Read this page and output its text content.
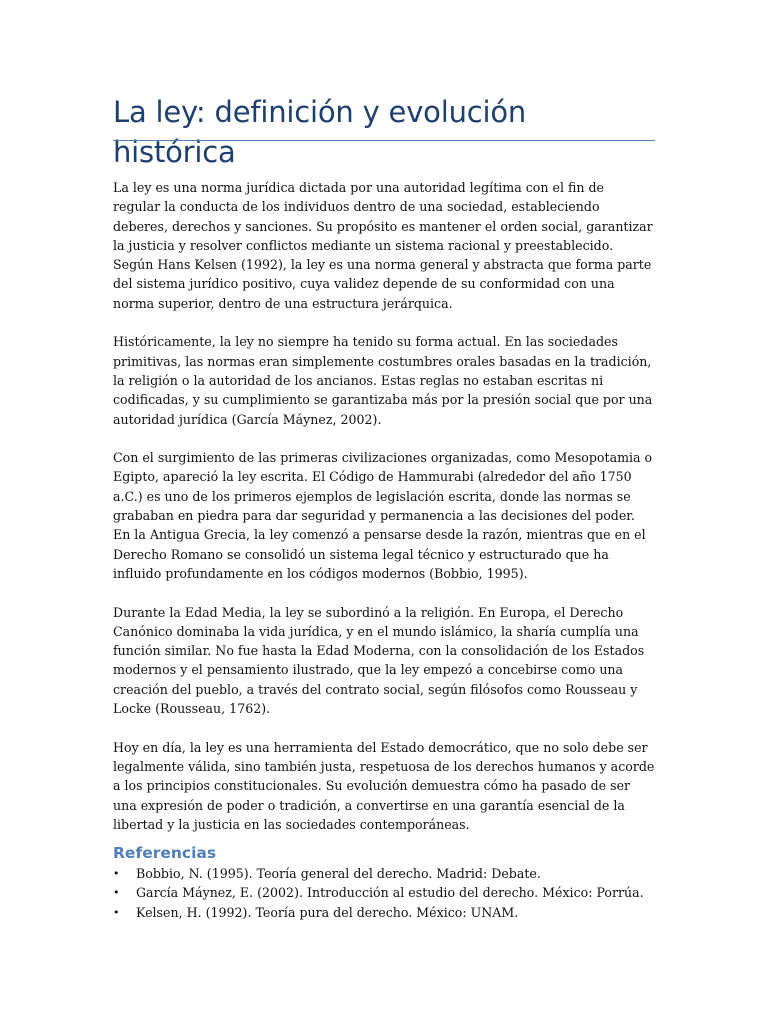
La ley: definición y evolución histórica

La ley es una norma jurídica dictada por una autoridad legítima con el fin de regular la conducta de los individuos dentro de una sociedad, estableciendo deberes, derechos y sanciones. Su propósito es mantener el orden social, garantizar la justicia y resolver conflictos mediante un sistema racional y preestablecido. Según Hans Kelsen (1992), la ley es una norma general y abstracta que forma parte del sistema jurídico positivo, cuya validez depende de su conformidad con una norma superior, dentro de una estructura jerárquica.

Históricamente, la ley no siempre ha tenido su forma actual. En las sociedades primitivas, las normas eran simplemente costumbres orales basadas en la tradición, la religión o la autoridad de los ancianos. Estas reglas no estaban escritas ni codificadas, y su cumplimiento se garantizaba más por la presión social que por una autoridad jurídica (García Máynez, 2002).

Con el surgimiento de las primeras civilizaciones organizadas, como Mesopotamia o Egipto, apareció la ley escrita. El Código de Hammurabi (alrededor del año 1750 a.C.) es uno de los primeros ejemplos de legislación escrita, donde las normas se grababan en piedra para dar seguridad y permanencia a las decisiones del poder. En la Antigua Grecia, la ley comenzó a pensarse desde la razón, mientras que en el Derecho Romano se consolidó un sistema legal técnico y estructurado que ha influido profundamente en los códigos modernos (Bobbio, 1995).

Durante la Edad Media, la ley se subordinó a la religión. En Europa, el Derecho Canónico dominaba la vida jurídica, y en el mundo islámico, la sharía cumplía una función similar. No fue hasta la Edad Moderna, con la consolidación de los Estados modernos y el pensamiento ilustrado, que la ley empezó a concebirse como una creación del pueblo, a través del contrato social, según filósofos como Rousseau y Locke (Rousseau, 1762).

Hoy en día, la ley es una herramienta del Estado democrático, que no solo debe ser legalmente válida, sino también justa, respetuosa de los derechos humanos y acorde a los principios constitucionales. Su evolución demuestra cómo ha pasado de ser una expresión de poder o tradición, a convertirse en una garantía esencial de la libertad y la justicia en las sociedades contemporáneas.

Referencias
• Bobbio, N. (1995). Teoría general del derecho. Madrid: Debate.
• García Máynez, E. (2002). Introducción al estudio del derecho. México: Porrúa.
• Kelsen, H. (1992). Teoría pura del derecho. México: UNAM.
